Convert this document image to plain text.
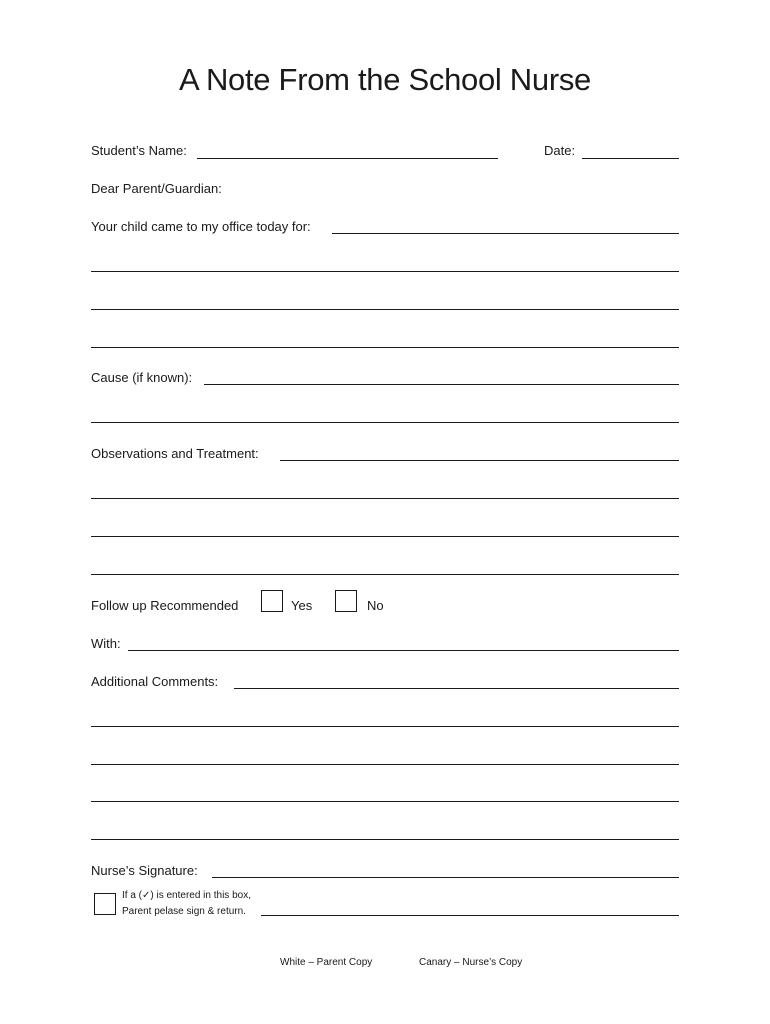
A Note From the School Nurse
Student’s Name:	Date:
Dear Parent/Guardian:
Your child came to my office today for:
Cause (if known):
Observations and Treatment:
Follow up Recommended	Yes	No
With:
Additional Comments:
Nurse’s Signature:
If a (✓) is entered in this box,
Parent pelase sign & return.
White – Parent Copy	Canary – Nurse’s Copy
